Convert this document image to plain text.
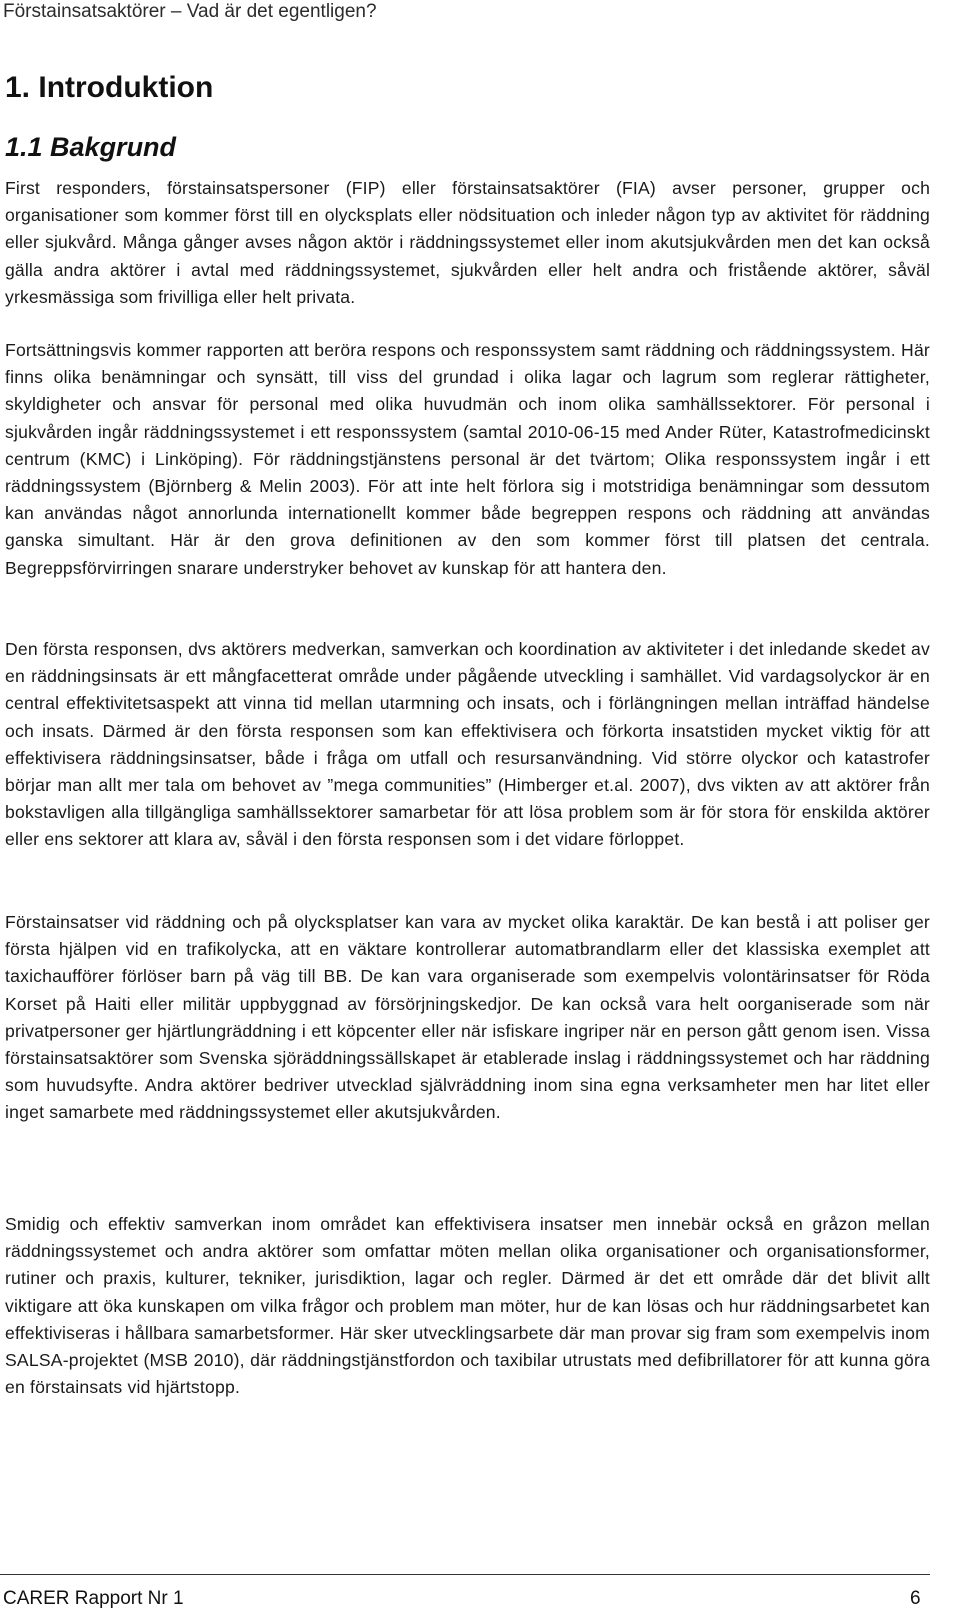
Förstainsatsaktörer – Vad är det egentligen?
1. Introduktion
1.1 Bakgrund

First responders, förstainsatspersoner (FIP) eller förstainsatsaktörer (FIA) avser personer, grupper och organisationer som kommer först till en olycksplats eller nödsituation och inleder någon typ av aktivitet för räddning eller sjukvård. Många gånger avses någon aktör i räddningssystemet eller inom akutsjukvården men det kan också gälla andra aktörer i avtal med räddningssystemet, sjukvården eller helt andra och fristående aktörer, såväl yrkesmässiga som frivilliga eller helt privata.

Fortsättningsvis kommer rapporten att beröra respons och responssystem samt räddning och räddningssystem. Här finns olika benämningar och synsätt, till viss del grundad i olika lagar och lagrum som reglerar rättigheter, skyldigheter och ansvar för personal med olika huvudmän och inom olika samhällssektorer. För personal i sjukvården ingår räddningssystemet i ett responssystem (samtal 2010-06-15 med Ander Rüter, Katastrofmedicinskt centrum (KMC) i Linköping). För räddningstjänstens personal är det tvärtom; Olika responssystem ingår i ett räddningssystem (Björnberg & Melin 2003). För att inte helt förlora sig i motstridiga benämningar som dessutom kan användas något annorlunda internationellt kommer både begreppen respons och räddning att användas ganska simultant. Här är den grova definitionen av den som kommer först till platsen det centrala. Begreppsförvirringen snarare understryker behovet av kunskap för att hantera den.

Den första responsen, dvs aktörers medverkan, samverkan och koordination av aktiviteter i det inledande skedet av en räddningsinsats är ett mångfacetterat område under pågående utveckling i samhället. Vid vardagsolyckor är en central effektivitetsaspekt att vinna tid mellan utarmning och insats, och i förlängningen mellan inträffad händelse och insats. Därmed är den första responsen som kan effektivisera och förkorta insatstiden mycket viktig för att effektivisera räddningsinsatser, både i fråga om utfall och resursanvändning. Vid större olyckor och katastrofer börjar man allt mer tala om behovet av ”mega communities” (Himberger et.al. 2007), dvs vikten av att aktörer från bokstavligen alla tillgängliga samhällssektorer samarbetar för att lösa problem som är för stora för enskilda aktörer eller ens sektorer att klara av, såväl i den första responsen som i det vidare förloppet.

Förstainsatser vid räddning och på olycksplatser kan vara av mycket olika karaktär. De kan bestå i att poliser ger första hjälpen vid en trafikolycka, att en väktare kontrollerar automatbrandlarm eller det klassiska exemplet att taxichaufförer förlöser barn på väg till BB. De kan vara organiserade som exempelvis volontärinsatser för Röda Korset på Haiti eller militär uppbyggnad av försörjningskedjor. De kan också vara helt oorganiserade som när privatpersoner ger hjärtlungräddning i ett köpcenter eller när isfiskare ingriper när en person gått genom isen. Vissa förstainsatsaktörer som Svenska sjöräddningssällskapet är etablerade inslag i räddningssystemet och har räddning som huvudsyfte. Andra aktörer bedriver utvecklad självräddning inom sina egna verksamheter men har litet eller inget samarbete med räddningssystemet eller akutsjukvården.

Smidig och effektiv samverkan inom området kan effektivisera insatser men innebär också en gråzon mellan räddningssystemet och andra aktörer som omfattar möten mellan olika organisationer och organisationsformer, rutiner och praxis, kulturer, tekniker, jurisdiktion, lagar och regler. Därmed är det ett område där det blivit allt viktigare att öka kunskapen om vilka frågor och problem man möter, hur de kan lösas och hur räddningsarbetet kan effektiviseras i hållbara samarbetsformer. Här sker utvecklingsarbete där man provar sig fram som exempelvis inom SALSA-projektet (MSB 2010), där räddningstjänstfordon och taxibilar utrustats med defibrillatorer för att kunna göra en förstainsats vid hjärtstopp.

CARER Rapport Nr 1	6
